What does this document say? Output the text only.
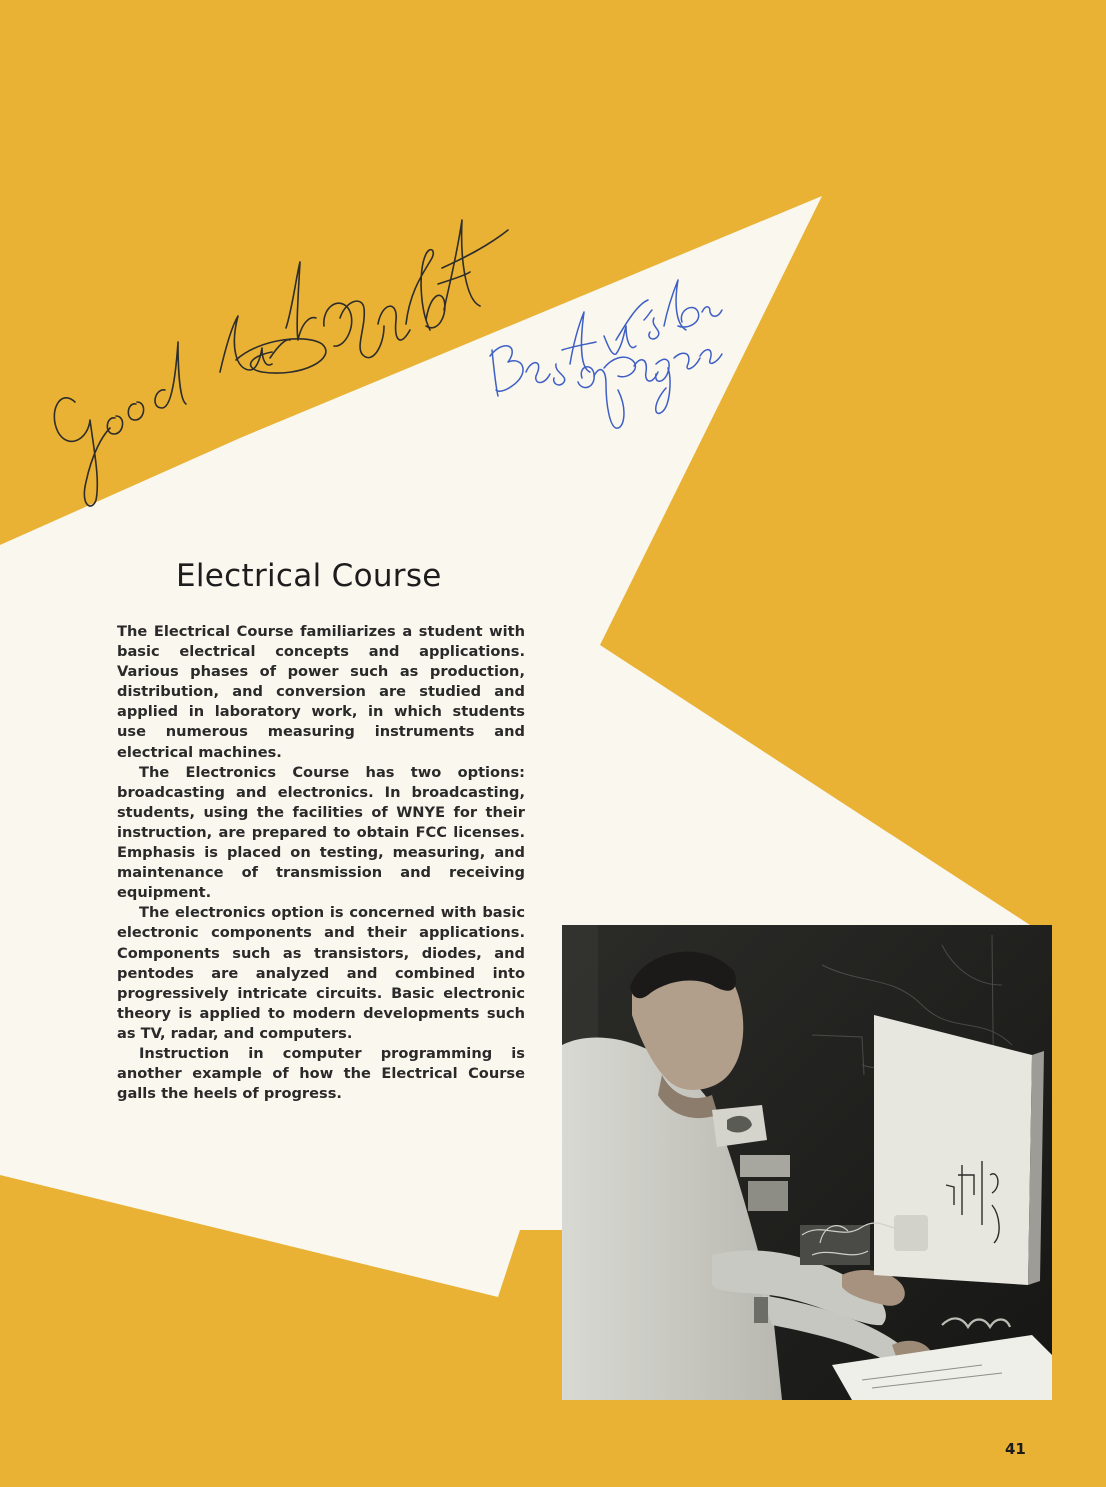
Electrical Course

The Electrical Course familiarizes a student with basic electrical concepts and applications. Various phases of power such as production, distribution, and conversion are studied and applied in laboratory work, in which students use numerous measuring instruments and electrical machines.

The Electronics Course has two options: broadcasting and electronics. In broadcasting, students, using the facilities of WNYE for their instruction, are prepared to obtain FCC licenses. Emphasis is placed on testing, measuring, and maintenance of transmission and receiving equipment.

The electronics option is concerned with basic electronic components and their applications. Components such as transistors, diodes, and pentodes are analyzed and combined into progressively intricate circuits. Basic electronic theory is applied to modern developments such as TV, radar, and computers.

Instruction in computer programming is another example of how the Electrical Course galls the heels of progress.

41
